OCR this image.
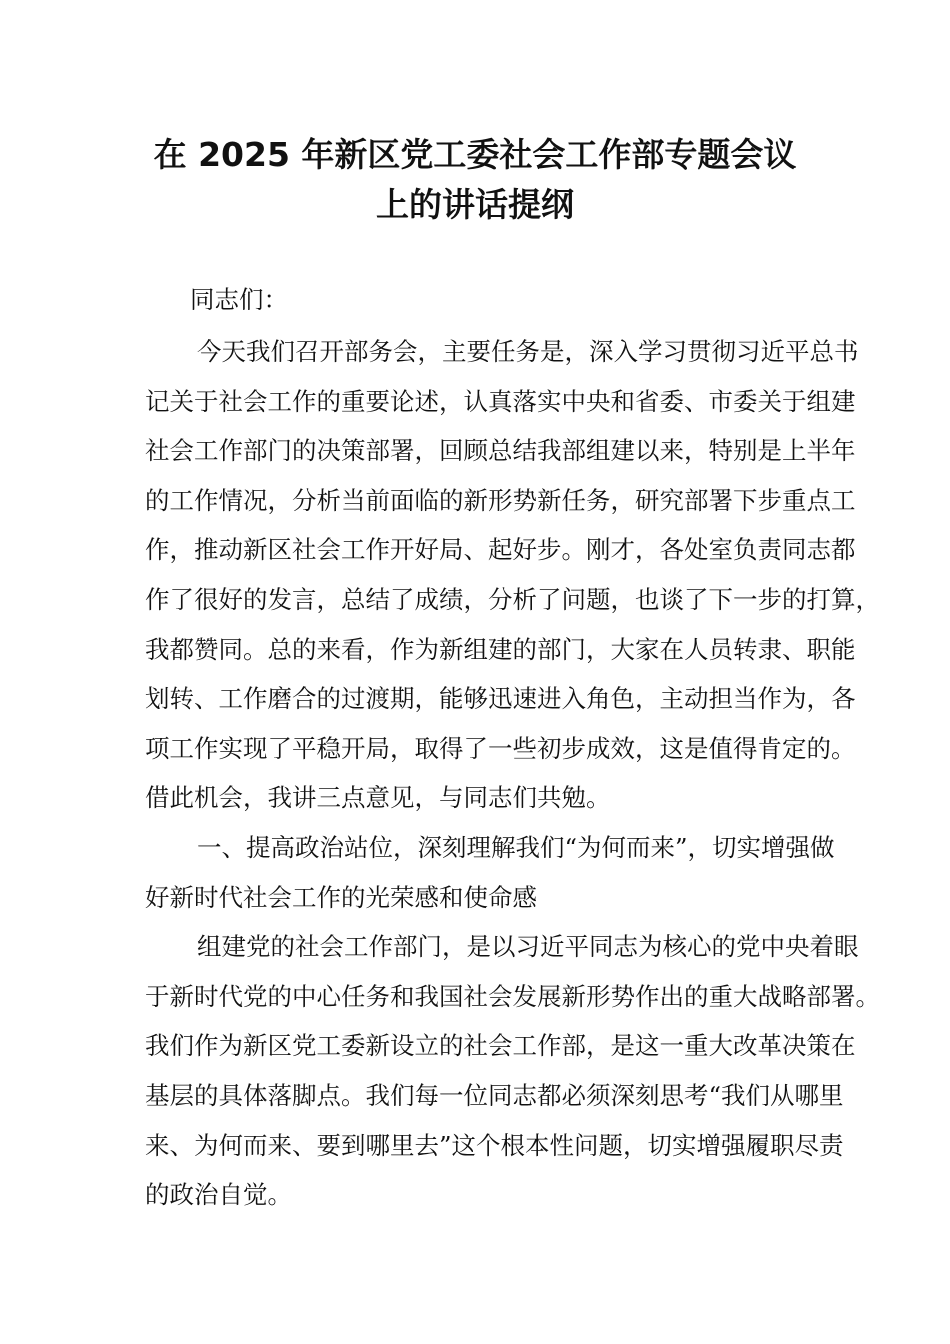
在 2025 年新区党工委社会工作部专题会议
上的讲话提纲
同志们：
今天我们召开部务会，主要任务是，深入学习贯彻习近平总书
记关于社会工作的重要论述，认真落实中央和省委、市委关于组建
社会工作部门的决策部署，回顾总结我部组建以来，特别是上半年
的工作情况，分析当前面临的新形势新任务，研究部署下步重点工
作，推动新区社会工作开好局、起好步。刚才，各处室负责同志都
作了很好的发言，总结了成绩，分析了问题，也谈了下一步的打算，
我都赞同。总的来看，作为新组建的部门，大家在人员转隶、职能
划转、工作磨合的过渡期，能够迅速进入角色，主动担当作为，各
项工作实现了平稳开局，取得了一些初步成效，这是值得肯定的。
借此机会，我讲三点意见，与同志们共勉。
一、提高政治站位，深刻理解我们“为何而来”，切实增强做
好新时代社会工作的光荣感和使命感
组建党的社会工作部门，是以习近平同志为核心的党中央着眼
于新时代党的中心任务和我国社会发展新形势作出的重大战略部署。
我们作为新区党工委新设立的社会工作部，是这一重大改革决策在
基层的具体落脚点。我们每一位同志都必须深刻思考“我们从哪里
来、为何而来、要到哪里去”这个根本性问题，切实增强履职尽责
的政治自觉。
